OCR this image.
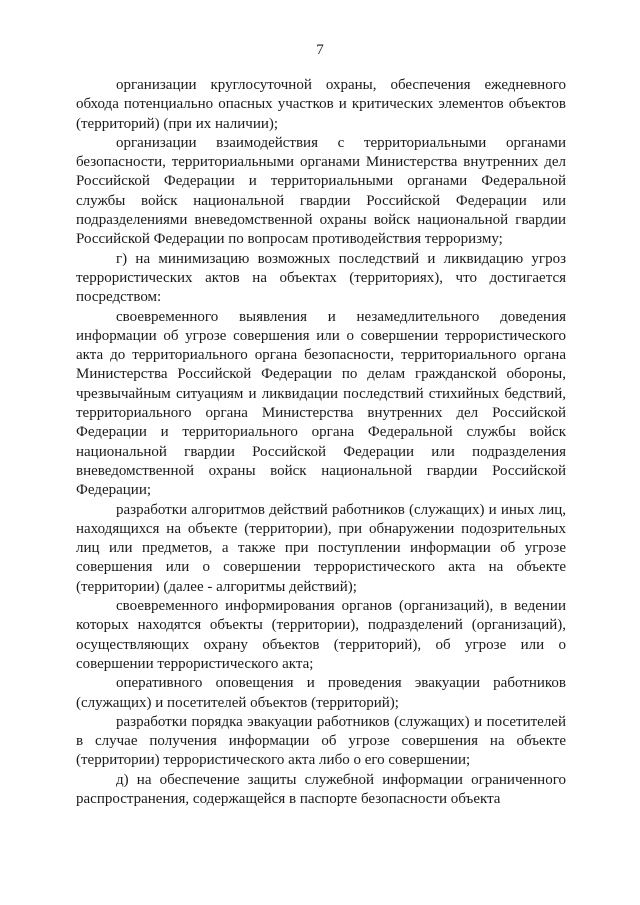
7

организации круглосуточной охраны, обеспечения ежедневного обхода потенциально опасных участков и критических элементов объектов (территорий) (при их наличии);

организации взаимодействия с территориальными органами безопасности, территориальными органами Министерства внутренних дел Российской Федерации и территориальными органами Федеральной службы войск национальной гвардии Российской Федерации или подразделениями вневедомственной охраны войск национальной гвардии Российской Федерации по вопросам противодействия терроризму;

г) на минимизацию возможных последствий и ликвидацию угроз террористических актов на объектах (территориях), что достигается посредством:

своевременного выявления и незамедлительного доведения информации об угрозе совершения или о совершении террористического акта до территориального органа безопасности, территориального органа Министерства Российской Федерации по делам гражданской обороны, чрезвычайным ситуациям и ликвидации последствий стихийных бедствий, территориального органа Министерства внутренних дел Российской Федерации и территориального органа Федеральной службы войск национальной гвардии Российской Федерации или подразделения вневедомственной охраны войск национальной гвардии Российской Федерации;

разработки алгоритмов действий работников (служащих) и иных лиц, находящихся на объекте (территории), при обнаружении подозрительных лиц или предметов, а также при поступлении информации об угрозе совершения или о совершении террористического акта на объекте (территории) (далее - алгоритмы действий);

своевременного информирования органов (организаций), в ведении которых находятся объекты (территории), подразделений (организаций), осуществляющих охрану объектов (территорий), об угрозе или о совершении террористического акта;

оперативного оповещения и проведения эвакуации работников (служащих) и посетителей объектов (территорий);

разработки порядка эвакуации работников (служащих) и посетителей в случае получения информации об угрозе совершения на объекте (территории) террористического акта либо о его совершении;

д) на обеспечение защиты служебной информации ограниченного распространения, содержащейся в паспорте безопасности объекта
